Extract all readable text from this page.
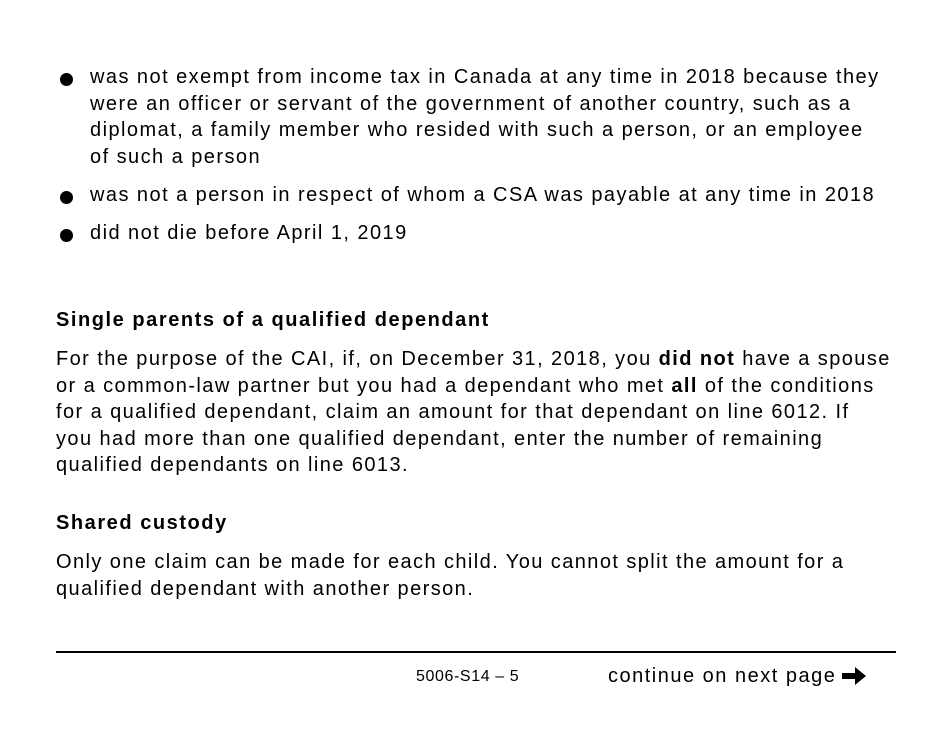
was not exempt from income tax in Canada at any time in 2018 because they were an officer or servant of the government of another country, such as a diplomat, a family member who resided with such a person, or an employee of such a person
was not a person in respect of whom a CSA was payable at any time in 2018
did not die before April 1, 2019
Single parents of a qualified dependant

For the purpose of the CAI, if, on December 31, 2018, you did not have a spouse or a common-law partner but you had a dependant who met all of the conditions for a qualified dependant, claim an amount for that dependant on line 6012. If you had more than one qualified dependant, enter the number of remaining qualified dependants on line 6013.

Shared custody

Only one claim can be made for each child. You cannot split the amount for a qualified dependant with another person.

5006-S14 – 5	continue on next page
